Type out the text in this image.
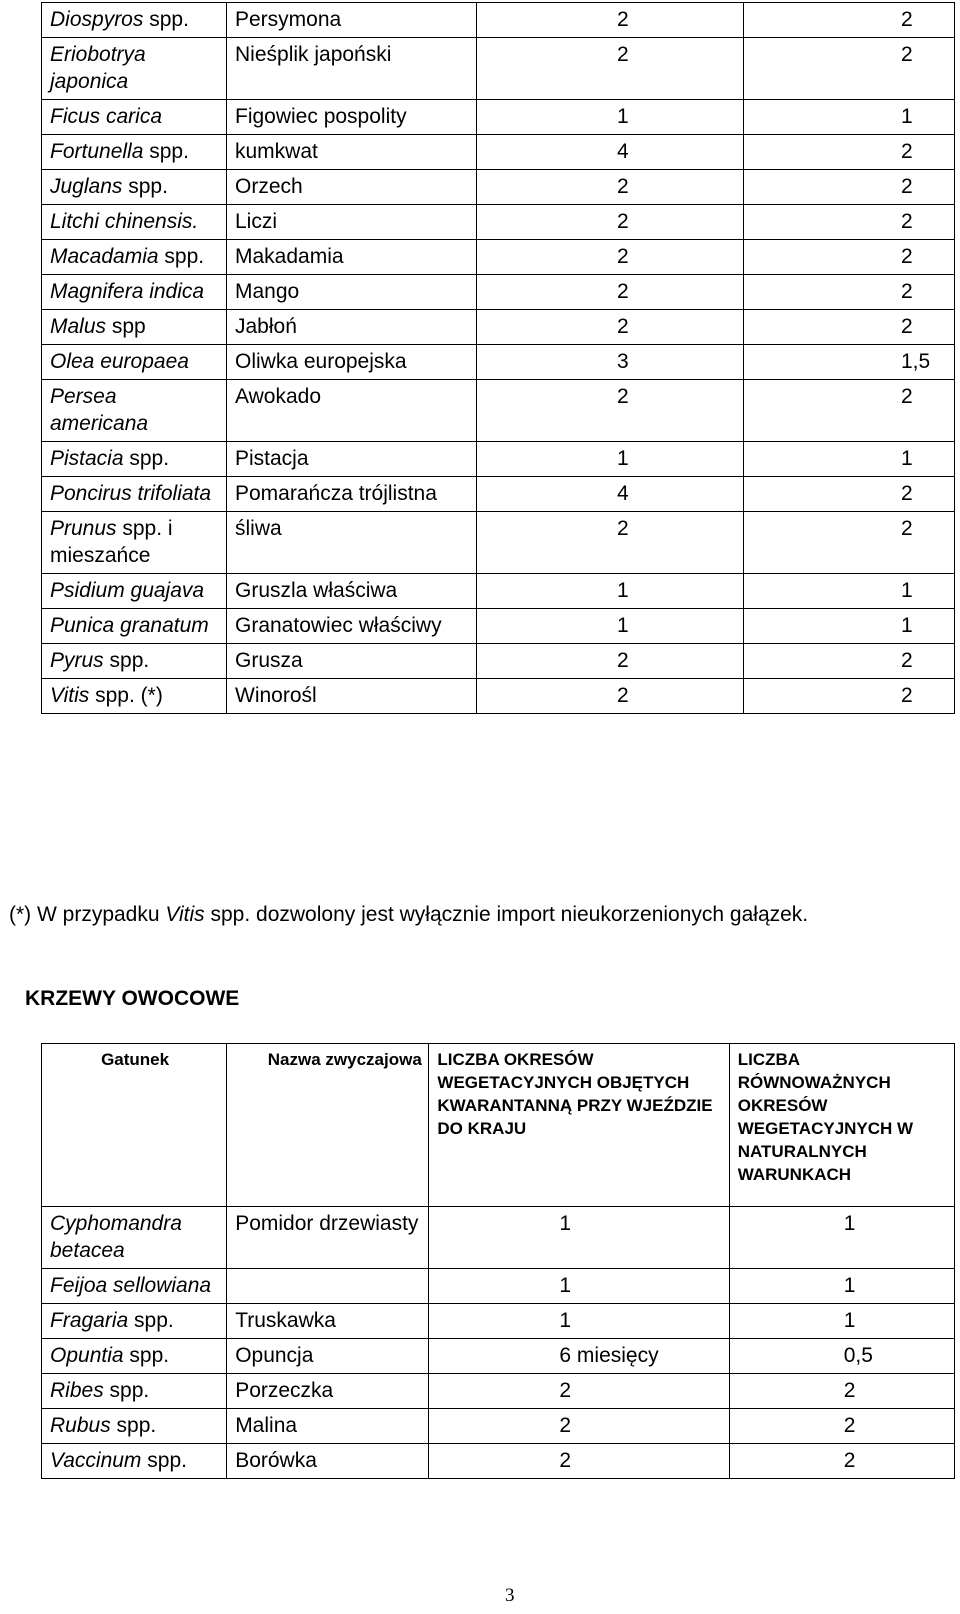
Diospyros spp.	Persymona	2	2

Eriobotrya japonica	Nieśplik japoński	2	2

Ficus carica	Figowiec pospolity	1	1

Fortunella spp.	kumkwat	4	2

Juglans spp.	Orzech	2	2

Litchi chinensis.	Liczi	2	2

Macadamia spp.	Makadamia	2	2

Magnifera indica	Mango	2	2

Malus spp	Jabłoń	2	2

Olea europaea	Oliwka europejska	3	1,5

Persea americana	Awokado	2	2

Pistacia spp.	Pistacja	1	1

Poncirus trifoliata	Pomarańcza trójlistna	4	2

Prunus spp. i mieszańce	śliwa	2	2

Psidium guajava	Gruszla właściwa	1	1

Punica granatum	Granatowiec właściwy	1	1

Pyrus spp.	Grusza	2	2

Vitis spp. (*)	Winorośl	2	2
(*) W przypadku Vitis spp. dozwolony jest wyłącznie import nieukorzenionych gałązek.
KRZEWY OWOCOWE
Gatunek	Nazwa zwyczajowa	LICZBA OKRESÓW WEGETACYJNYCH OBJĘTYCH KWARANTANNĄ PRZY WJEŹDZIE DO KRAJU	LICZBA RÓWNOWAŻNYCH OKRESÓW WEGETACYJNYCH W NATURALNYCH WARUNKACH
Cyphomandra betacea	Pomidor drzewiasty	1	1

Feijoa sellowiana		1	1

Fragaria spp.	Truskawka	1	1

Opuntia spp.	Opuncja	6 miesięcy	0,5

Ribes spp.	Porzeczka	2	2

Rubus spp.	Malina	2	2

Vaccinum spp.	Borówka	2	2
3
